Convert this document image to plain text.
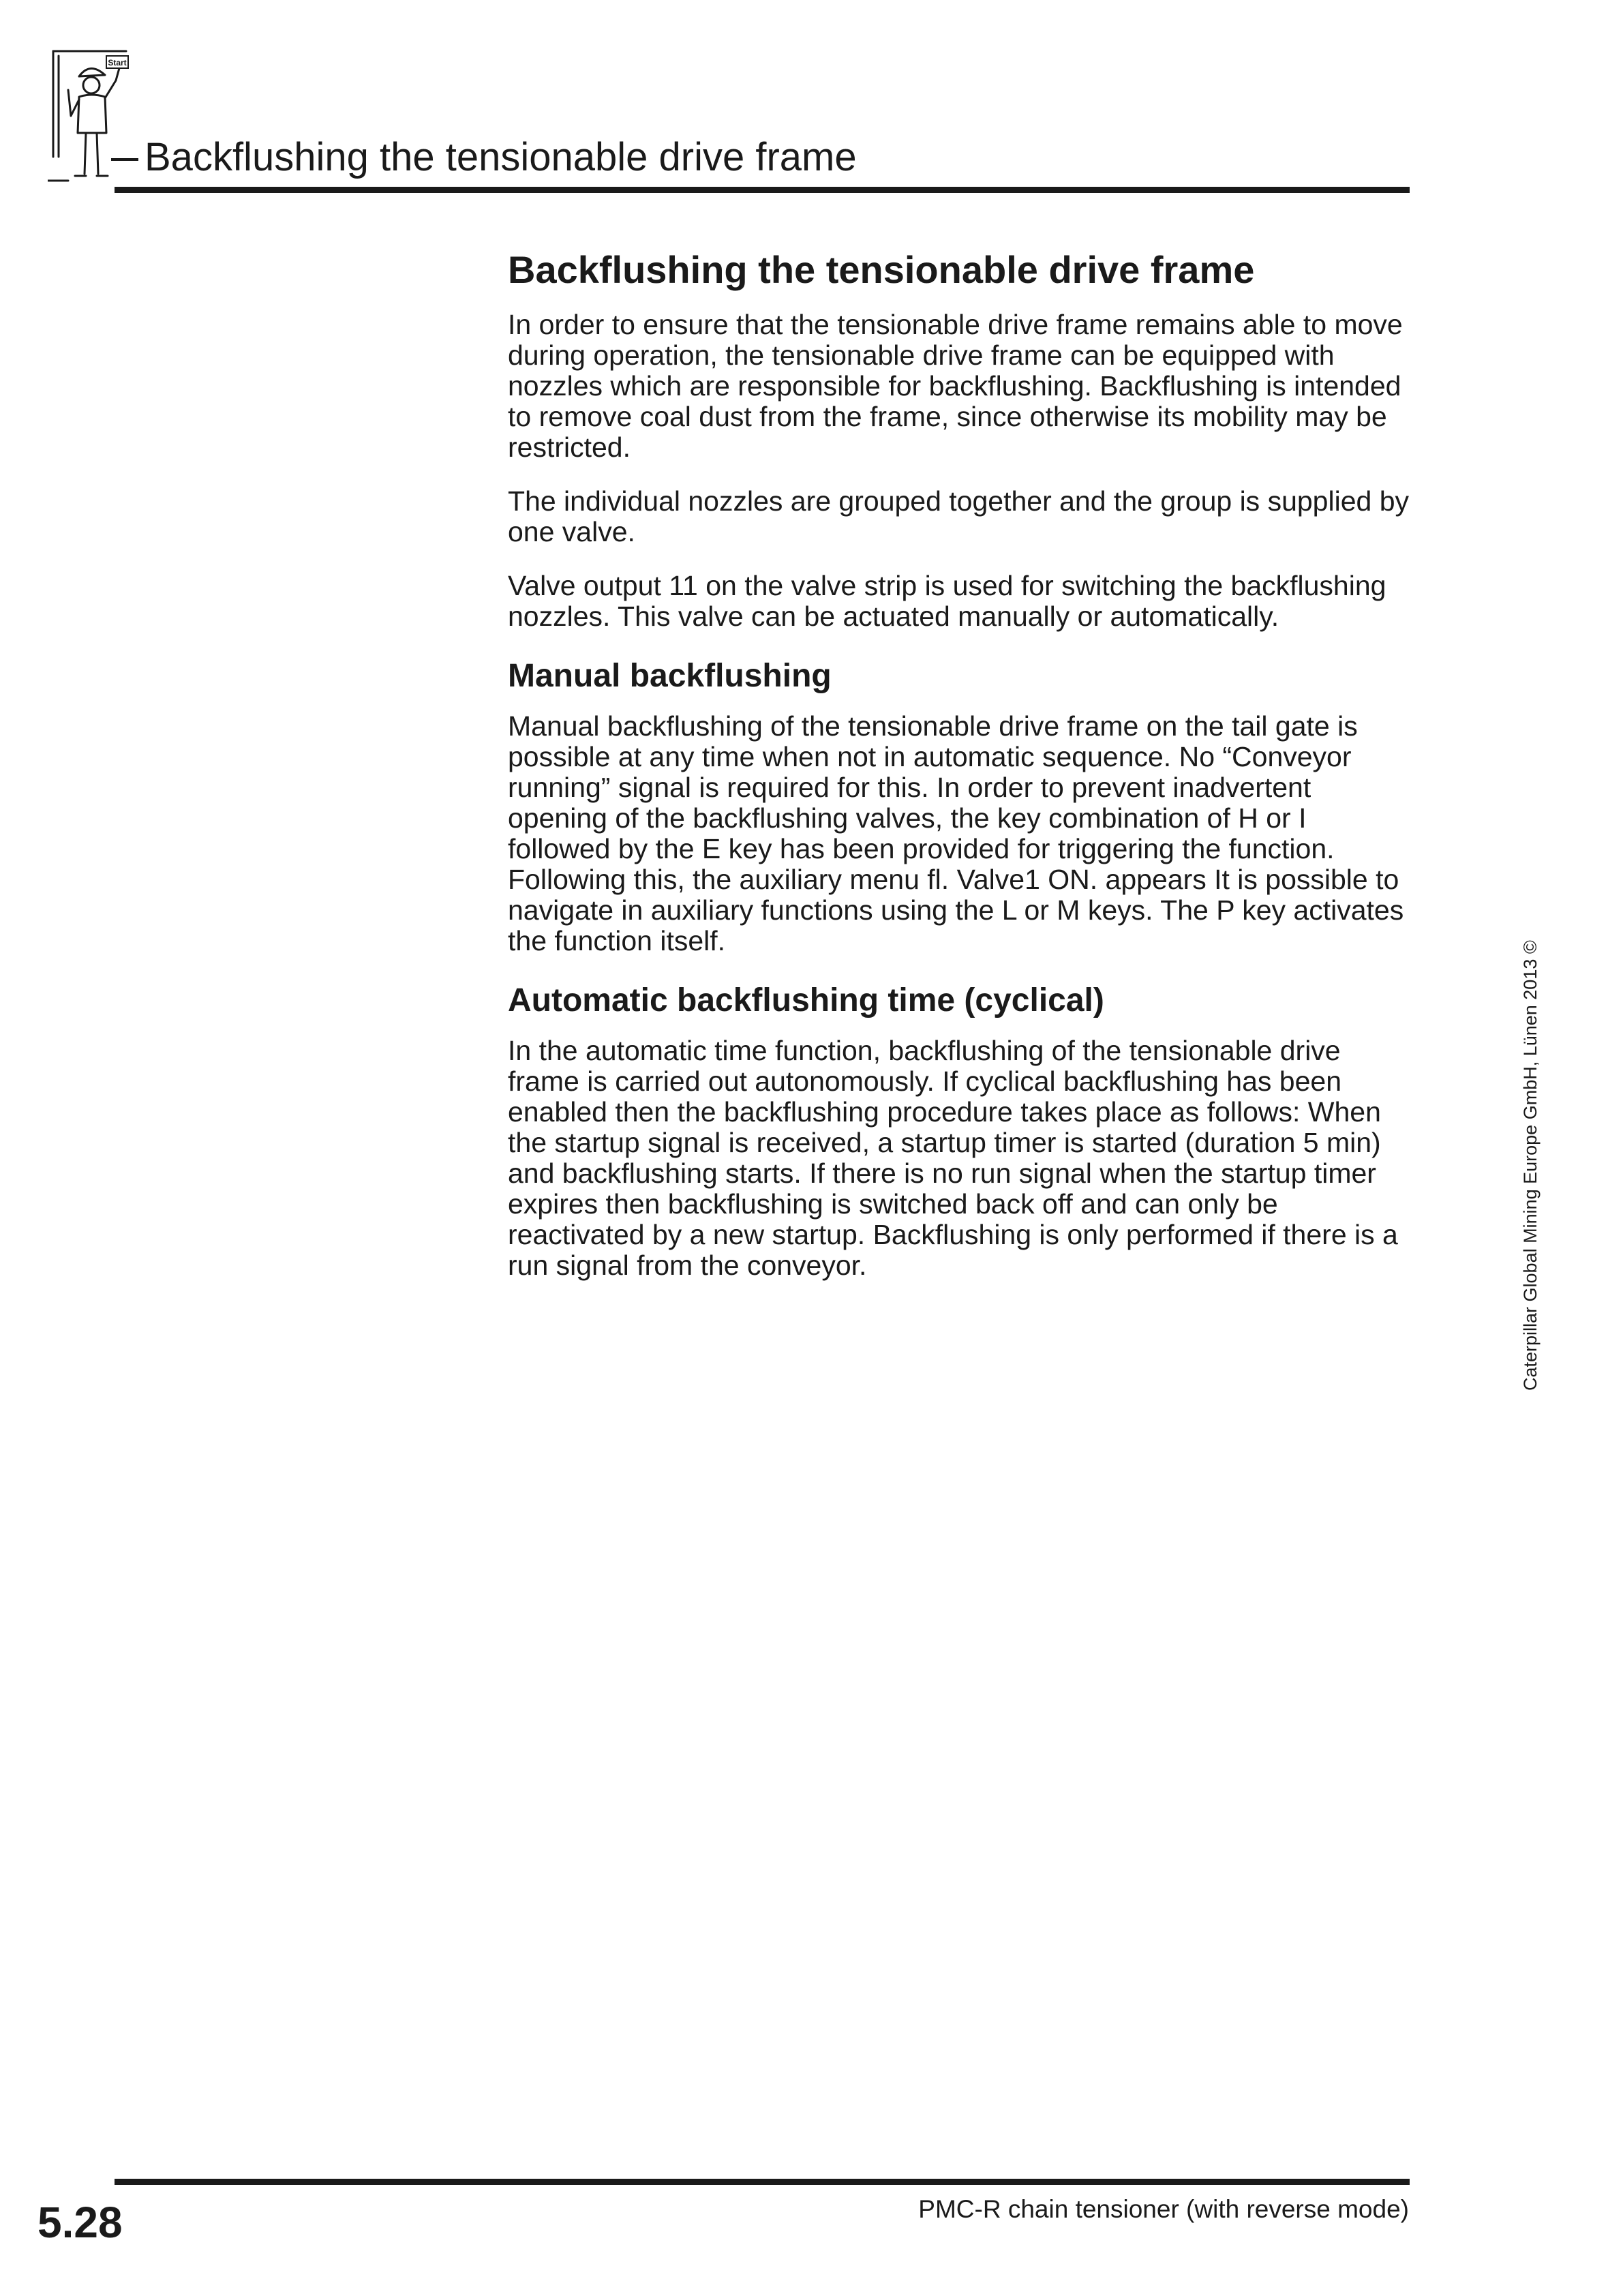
Start
Backflushing the tensionable drive frame
Backflushing the tensionable drive frame

In order to ensure that the tensionable drive frame remains able to move during operation, the tensionable drive frame can be equipped with nozzles which are responsible for backflushing. Backflushing is intended to remove coal dust from the frame, since otherwise its mobility may be restricted.

The individual nozzles are grouped together and the group is supplied by one valve.

Valve output 11 on the valve strip is used for switching the backflushing nozzles. This valve can be actuated manually or automatically.

Manual backflushing

Manual backflushing of the tensionable drive frame on the tail gate is possible at any time when not in automatic sequence. No “Conveyor running” signal is required for this. In order to prevent inadvertent opening of the backflushing valves, the key combination of H or I followed by the E key has been provided for triggering the function. Following this, the auxiliary menu fl. Valve1 ON. appears It is possible to navigate in auxiliary functions using the L or M keys. The P key activates the function itself.

Automatic backflushing time (cyclical)

In the automatic time function, backflushing of the tensionable drive frame is carried out autonomously. If cyclical backflushing has been enabled then the backflushing procedure takes place as follows: When the startup signal is received, a startup timer is started (duration 5 min) and backflushing starts. If there is no run signal when the startup timer expires then backflushing is switched back off and can only be reactivated by a new startup. Backflushing is only performed if there is a run signal from the conveyor.	Caterpillar Global Mining Europe GmbH, Lünen 2013 ©
5.28	PMC-R chain tensioner (with reverse mode)
